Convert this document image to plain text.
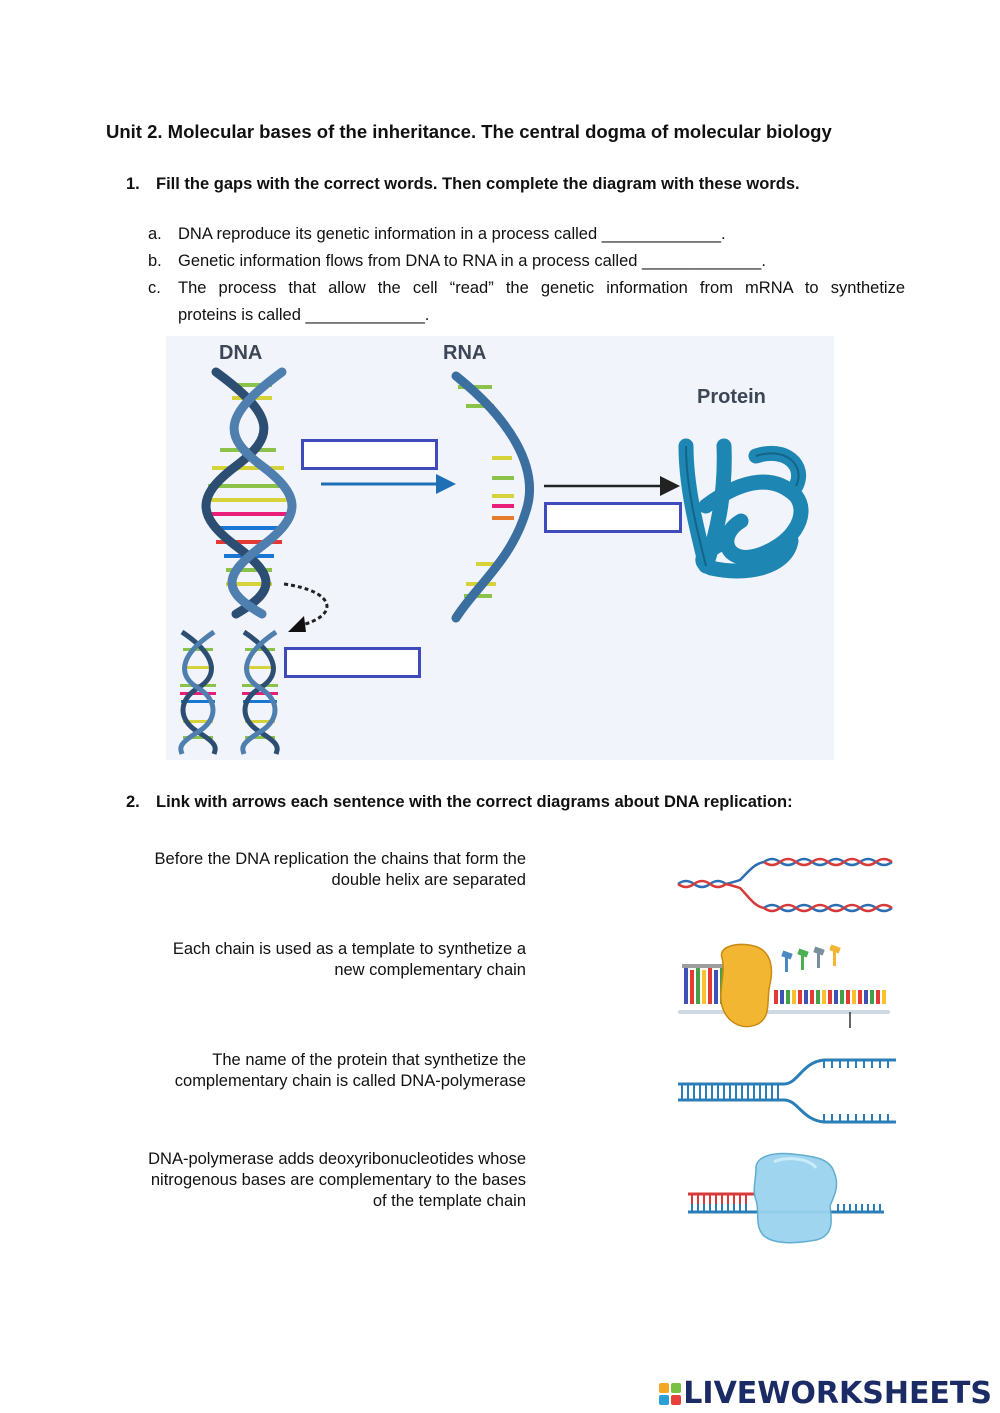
Unit 2. Molecular bases of the inheritance. The central dogma of molecular biology
1. Fill the gaps with the correct words. Then complete the diagram with these words.
a. DNA reproduce its genetic information in a process called _____________.
b. Genetic information flows from DNA to RNA in a process called _____________.
c. The process that allow the cell “read” the genetic information from mRNA to synthetize
proteins is called _____________.
DNA	RNA
Protein
2. Link with arrows each sentence with the correct diagrams about DNA replication:
Before the DNA replication the chains that form the
double helix are separated
Each chain is used as a template to synthetize a
new complementary chain
The name of the protein that synthetize the
complementary chain is called DNA-polymerase
DNA-polymerase adds deoxyribonucleotides whose
nitrogenous bases are complementary to the bases
of the template chain
LIVEWORKSHEETS
